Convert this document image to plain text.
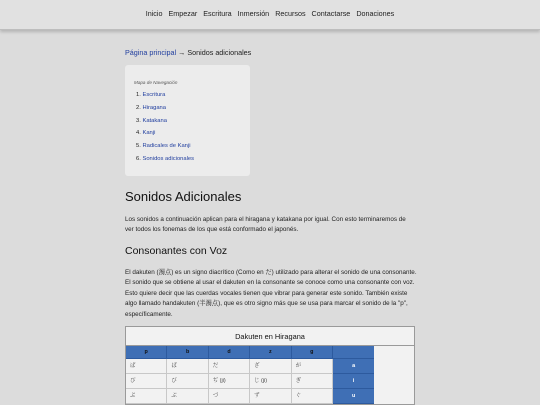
Inicio Empezar Escritura Inmersión Recursos Contactarse Donaciones
Página principal → Sonidos adicionales
Mapa de Navegación
1. Escritura
2. Hiragana
3. Katakana
4. Kanji
5. Radicales de Kanji
6. Sonidos adicionales
Sonidos Adicionales

Los sonidos a continuación aplican para el hiragana y katakana por igual. Con esto terminaremos de ver todos los fonemas de los que está conformado el japonés.

Consonantes con Voz

El dakuten (濁点) es un signo diacrítico (Como en だ) utilizado para alterar el sonido de una consonante. El sonido que se obtiene al usar el dakuten en la consonante se conoce como una consonante con voz. Esto quiere decir que las cuerdas vocales tienen que vibrar para generar este sonido. También existe algo llamado handakuten (半濁点), que es otro signo más que se usa para marcar el sonido de la "p", específicamente.

Dakuten en Hiragana
p	b	d	z	g
ぱ	ば	だ	ざ	が	a
ぴ	び	ぢ (ji)	じ (ji)	ぎ	i
ぷ	ぶ	づ	ず	ぐ	u
